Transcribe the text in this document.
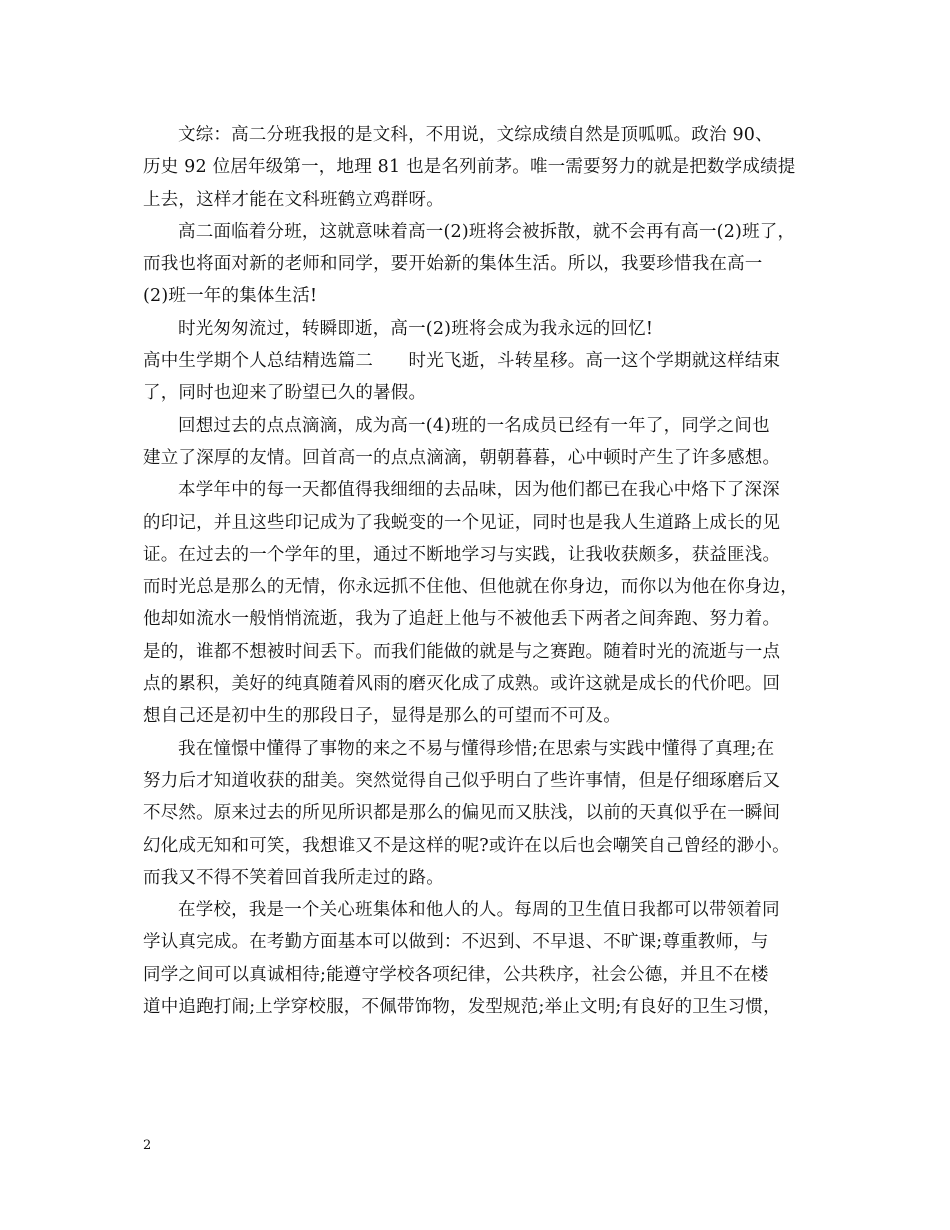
文综：高二分班我报的是文科，不用说，文综成绩自然是顶呱呱。政治 90、
历史 92 位居年级第一，地理 81 也是名列前茅。唯一需要努力的就是把数学成绩提
上去，这样才能在文科班鹤立鸡群呀。
高二面临着分班，这就意味着高一(2)班将会被拆散，就不会再有高一(2)班了，
而我也将面对新的老师和同学，要开始新的集体生活。所以，我要珍惜我在高一
(2)班一年的集体生活!
时光匆匆流过，转瞬即逝，高一(2)班将会成为我永远的回忆!
高中生学期个人总结精选篇二　　时光飞逝，斗转星移。高一这个学期就这样结束
了，同时也迎来了盼望已久的暑假。
回想过去的点点滴滴，成为高一(4)班的一名成员已经有一年了，同学之间也
建立了深厚的友情。回首高一的点点滴滴，朝朝暮暮，心中顿时产生了许多感想。
本学年中的每一天都值得我细细的去品味，因为他们都已在我心中烙下了深深
的印记，并且这些印记成为了我蜕变的一个见证，同时也是我人生道路上成长的见
证。在过去的一个学年的里，通过不断地学习与实践，让我收获颇多，获益匪浅。
而时光总是那么的无情，你永远抓不住他、但他就在你身边，而你以为他在你身边，
他却如流水一般悄悄流逝，我为了追赶上他与不被他丢下两者之间奔跑、努力着。
是的，谁都不想被时间丢下。而我们能做的就是与之赛跑。随着时光的流逝与一点
点的累积，美好的纯真随着风雨的磨灭化成了成熟。或许这就是成长的代价吧。回
想自己还是初中生的那段日子，显得是那么的可望而不可及。
我在憧憬中懂得了事物的来之不易与懂得珍惜;在思索与实践中懂得了真理;在
努力后才知道收获的甜美。突然觉得自己似乎明白了些许事情，但是仔细琢磨后又
不尽然。原来过去的所见所识都是那么的偏见而又肤浅，以前的天真似乎在一瞬间
幻化成无知和可笑，我想谁又不是这样的呢?或许在以后也会嘲笑自己曾经的渺小。
而我又不得不笑着回首我所走过的路。
在学校，我是一个关心班集体和他人的人。每周的卫生值日我都可以带领着同
学认真完成。在考勤方面基本可以做到：不迟到、不早退、不旷课;尊重教师，与
同学之间可以真诚相待;能遵守学校各项纪律，公共秩序，社会公德，并且不在楼
道中追跑打闹;上学穿校服，不佩带饰物，发型规范;举止文明;有良好的卫生习惯，
2
